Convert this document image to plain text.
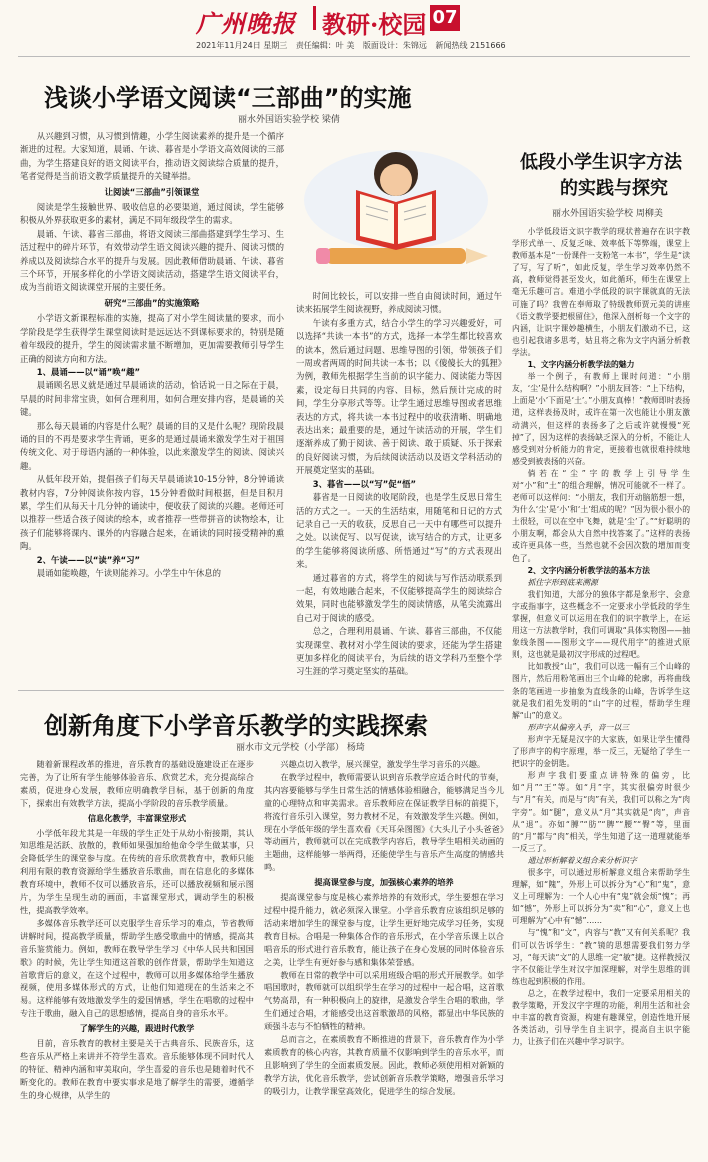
广州晚报 教研·校园 07
2021年11月24日 星期三 责任编辑：叶 美 版面设计：朱锦远 新闻热线 2151666
浅谈小学语文阅读“三部曲”的实施
丽水外国语实验学校 梁倩

从兴趣到习惯，从习惯到情趣，小学生阅读素养的提升是一个循序渐进的过程。大家知道，晨诵、午读、暮省是小学语文高效阅读的三部曲，为学生搭建良好的语文阅读平台，推动语文阅读综合质量的提升，笔者觉得是当前语文教学质量提升的关键举措。

让阅读“三部曲”引领课堂

阅读是学生接触世界、吸收信息的必要渠道，通过阅读，学生能够积极从外界获取更多的素材，满足不同年级段学生的需求。

晨诵、午读、暮省三部曲，将语文阅读三部曲搭建到学生学习、生活过程中的碎片环节，有效带动学生语文阅读兴趣的提升、阅读习惯的养成以及阅读综合水平的提升与发展。因此教师借助晨诵、午读、暮省三个环节，开展多样化的小学语文阅读活动，搭建学生语文阅读平台，成为当前语文阅读课堂开展的主要任务。

研究“三部曲”的实施策略

小学语文新课程标准的实施，提高了对小学生阅读量的要求，而小学阶段是学生获得学生课堂阅读时是远远达不到课标要求的，特别是随着年级段的提升，学生的阅读需求量不断增加，更加需要教师引导学生正确的阅读方向和方法。

1、晨诵——以“诵”唤“趣”

晨诵顾名思义就是通过早晨诵读的活动，恰话说一日之际在于晨，早晨的时间非常宝贵，如何合理利用，如何合理安排内容，是晨诵的关键。

那么每天晨诵的内容是什么呢？晨诵的目的又是什么呢？现阶段晨诵的目的不再是要求学生背诵，更多的是通过晨诵来激发学生对于祖国传统文化、对于母语内涵的一种体验，以此来激发学生的阅读、阅读兴趣。

从低年段开始，提倡孩子们每天早晨诵读10-15分钟，8分钟诵读教材内容，7分钟阅读你按内容，15分钟看做时间根据，但是目积月累，学生们从每天十几分钟的诵读中，便收获了阅读的兴趣。老师还可以推荐一些适合孩子阅读的绘本，或者推荐一些带拼音的读物绘本，让孩子们能够将课内、课外的内容融合起来，在诵读的同时接受精神的熏陶。

2、午读——以“读”养“习”

晨诵如能唤趣，午读则能养习。小学生中午休息的

时间比较长，可以安排一些自由阅读时间，通过午读来拓展学生阅读视野，养成阅读习惯。

午读有多重方式，结合小学生的学习兴趣爱好，可以选择“共读一本书”的方式，选择一本学生都比较喜欢的读本，然后通过问题、思维导图的引领，带领孩子们一周或者两周的时间共读一本书；以《傻傻长大的狐狸》为例，教师先根据学生当前的识字能力、阅读能力等因素，设定每日共同的内容、目标，然后预计完成的时间，学生分享形式等等。让学生通过思维导图或者思维表达的方式，将共读一本书过程中的收获清晰、明确地表达出来；最重要的是，通过午读活动的开展，学生们逐渐养成了勤于阅读、善于阅读、敢于质疑、乐于探索的良好阅读习惯，为后续阅读活动以及语文学科活动的开展奠定坚实的基础。

3、暮省——以“写”促“悟”

暮省是一日阅读的收尾阶段，也是学生反思日常生活的方式之一。一天的生活结束，用随笔和日记的方式记录自己一天的收获，反思自己一天中有哪些可以提升之处。以读促写、以写促读，读写结合的方式，让更多的学生能够将阅读所感、所悟通过“写”的方式表现出来。

通过暮省的方式，将学生的阅读与写作活动联系到一起，有效地融合起来，不仅能够提高学生的阅读综合效果，同时也能够激发学生的阅读情感，从笔尖流露出自己对于阅读的感受。

总之，合理利用晨诵、午读、暮省三部曲，不仅能实现课堂、教材对小学生阅读的要求，还能为学生搭建更加多样化的阅读平台，为后续的语文学科乃至整个学习生涯的学习奠定坚实的基础。

低段小学生识字方法
的实践与探究
丽水外国语实验学校 周柳美

小学低段语文识字教学的现状普遍存在识字教学形式单一、反复乏味、效率低下等弊端，课堂上教师基本是“一份课件一支粉笔一本书”，学生是“读了写，写了听”，如此反复，学生学习效率仍然不高，教师觉得甚至发火，如此循环，师生在课堂上毫无乐趣可言。难道小学低段的识字课就真的无法可施了吗？我曾在奉师取了特级教师贾元美的讲座《语文教学要把根留住》，他深入剖析每一个文字的内涵，让识字课妙趣横生，小朋友们激动不已，这也引起我诸多思考，姑且将之称为文字内涵分析教学法。

1、文字内涵分析教学法的魅力

举一个例子，有教师上课时问道：“小朋友，‘尘’是什么结构啊？”小朋友回答：“上下结构，上面是‘小’下面是‘土’。”小朋友真棒！”教师即时表扬道，这样表扬及时，或许在第一次也能让小朋友激动满兴，但这样的表扬多了之后或许就慢慢“死掉”了，因为这样的表扬缺乏深入的分析，不能让人感受到对分析能力的肯定，更接着也就很难持续地感受到被表扬的兴奋。

倘若在“尘”字的教学上引导学生对“小”和“土”的组合理解，情况可能就不一样了。老师可以这样问：“小朋友，我们开动脑筋想一想，为什么‘尘’是‘小’和‘土’组成的呢？”因为很小很小的土很轻，可以在空中飞舞，就是‘尘’了。”“好聪明的小朋友啊，都会从大自然中找答案了。”这样的表扬或许更具体一些，当然也就不会因次数的增加而变色了。

2、文字内涵分析教学法的基本方法

抓住字形到底来溯源

我们知道，大部分的独体字都是象形字、会意字或指事字，这些概念不一定要求小学低段的学生掌握，但意义可以运用在我们的识字教学上，在运用这一方法教学时，我们可调取“具体实物图——抽象线条图——图形文字——现代用字”的推进式原则，这也就是最初汉字形成的过程吧。

比如教授“山”，我们可以选一幅有三个山峰的图片，然后用粉笔画出三个山峰的轮廓，再将曲线条的笔画进一步抽象为直线条的山峰，告诉学生这就是我们祖先发明的“山”字的过程，帮助学生理解“山”的意义。

形声字从偏旁入手，音一以三

形声字无疑是汉字的大家族，如果让学生懂得了形声字的构字原理，举一反三，无疑给了学生一把识字的金钥匙。

形声字我们要重点讲特殊的偏旁，比如“月”“王”等。如“月”字，其实很偏旁时很少与“月”有关，而是与“肉”有关，我们可以称之为“肉字旁”。如“腿”，意义从“月”其实就是“肉”，声音从“退”。亦如“膊”“肪”“脾”“腰”“臀”等，里面的“月”都与“肉”相关，学生知道了这一道理就能举一反三了。

通过形析解着义组合来分析识字

很多字，可以通过形析解意义组合来帮助学生理解，如“隗”，外形上可以拆分为“心”和“鬼”，意义上可理解为：一个人心中有“鬼”就会烦“愧”；再如“憾”，外形上可以拆分为“卖”和“心”，意义上也可理解为“心中有“憾”……

与“愧”和“文”，内容与“教”又有何关系呢？我们可以告诉学生：“教”镜的思想需要我们努力学习，“每天读“文”的人思维一定“敏”捷。这样教授汉字不仅能让学生对汉字加深理解，对学生思维的训练也起到积极的作用。

总之，在教学过程中，我们一定要采用相关的教学策略，开发汉字字理的功能，利用生活和社会中丰富的教育资源，构建有趣课堂，创造性地开展各类活动，引导学生自主识字，提高自主识字能力，让孩子们在兴趣中学习识字。

创新角度下小学音乐教学的实践探索
丽水市文元学校（小学部） 杨琦

随着新课程改革的推进，音乐教育的基础设施建设正在逐步完善，为了让所有学生能够体验音乐、欣赏艺术，充分提高综合素质，促进身心发展，教师应明确教学目标，基于创新的角度下，探索出有效教学方法，提高小学阶段的音乐教学质量。

信息化教学，丰富课堂形式

小学低年段尤其是一年级的学生正处于从幼小衔接期，其认知思维是活跃、放散的，教师如果强加给他命令学生做某事，只会降低学生的课堂参与度。在传统的音乐欣赏教育中，教师只能利用有限的教育资源给学生播放音乐歌曲，而在信息化的多媒体教育环境中，教师不仅可以播放音乐，还可以播放视频和展示图片，为学生呈现生动的画面，丰富课堂形式，调动学生的积极性，提高教学效率。

多媒体音乐教学还可以克服学生音乐学习的难点，节省教师讲解时间，提高教学质量，帮助学生感受歌曲中的情感，提高其音乐鉴赏能力。例如，教师在教导学生学习《中华人民共和国国歌》的时候，先让学生知道这首歌的创作背景，帮助学生知道这首歌背后的意义，在这个过程中，教师可以用多媒体给学生播放视频，使用多媒体形式的方式，让他们知道现在的生活来之不易。这样能够有效地激发学生的爱国情感，学生在唱歌的过程中专注于歌曲，融入自己的思想感情，提高自身的音乐水平。

了解学生的兴趣，跟进时代教学

目前，音乐教育的教材主要是关于古典音乐、民族音乐，这些音乐从严格上来讲并不符学生喜欢。音乐能够体现不同时代人的特征、精神内涵和审美取向，学生喜爱的音乐也是随着时代不断变化的。教师在教育中要实事求是地了解学生的需要，遵循学生的身心规律，从学生的

兴趣点切入教学，展兴课堂，激发学生学习音乐的兴趣。

在教学过程中，教师需要认识到音乐教学应适合时代的节奏，其内容要能够与学生日常生活的情感体验相融合，能够满足当今儿童的心理特点和审美需求。音乐教师应在保证教学目标的前提下，将流行音乐引入课堂，努力教材不足，有效激发学生兴趣。例如，现在小学低年级的学生喜欢看《天耳朵图图》《大头儿子小头爸爸》等动画片，教师就可以在完成教学内容后，教导学生唱相关动画的主题曲，这样能够一举两得，还能使学生与音乐产生高度的情感共鸣。

提高课堂参与度，加强核心素养的培养

提高课堂参与度是核心素养培养的有效形式，学生要想在学习过程中提升能力，就必须深入课堂。小学音乐教育应该组织足够的活动来增加学生的课堂参与度，让学生更好地完成学习任务，实现教育目标。合唱是一种集体合作的音乐形式，在小学音乐课上以合唱音乐的形式进行音乐教育，能让孩子在身心发展的同时体验音乐之美，让学生有更好参与感和集体荣誉感。

教师在日常的教学中可以采用班级合唱的形式开展教学。如学唱国歌时，教师就可以组织学生在学习的过程中一起合唱，这首歌气势高昂，有一种积极向上的旋律，是激发合学生合唱的歌曲，学生们通过合唱，才能感受出这首歌激昂的风格，都显出中华民族的顽强斗志与不怕牺牲的精神。

总而言之，在素质教育不断推进的背景下，音乐教育作为小学素质教育的核心内容，其教育质量不仅影响到学生的音乐水平，而且影响到了学生的全面素质发展。因此，教师必须使用相对新颖的教学方法，优化音乐教学，尝试创新音乐教学策略，增强音乐学习的吸引力，让教学课堂高效化，促进学生的综合发展。
